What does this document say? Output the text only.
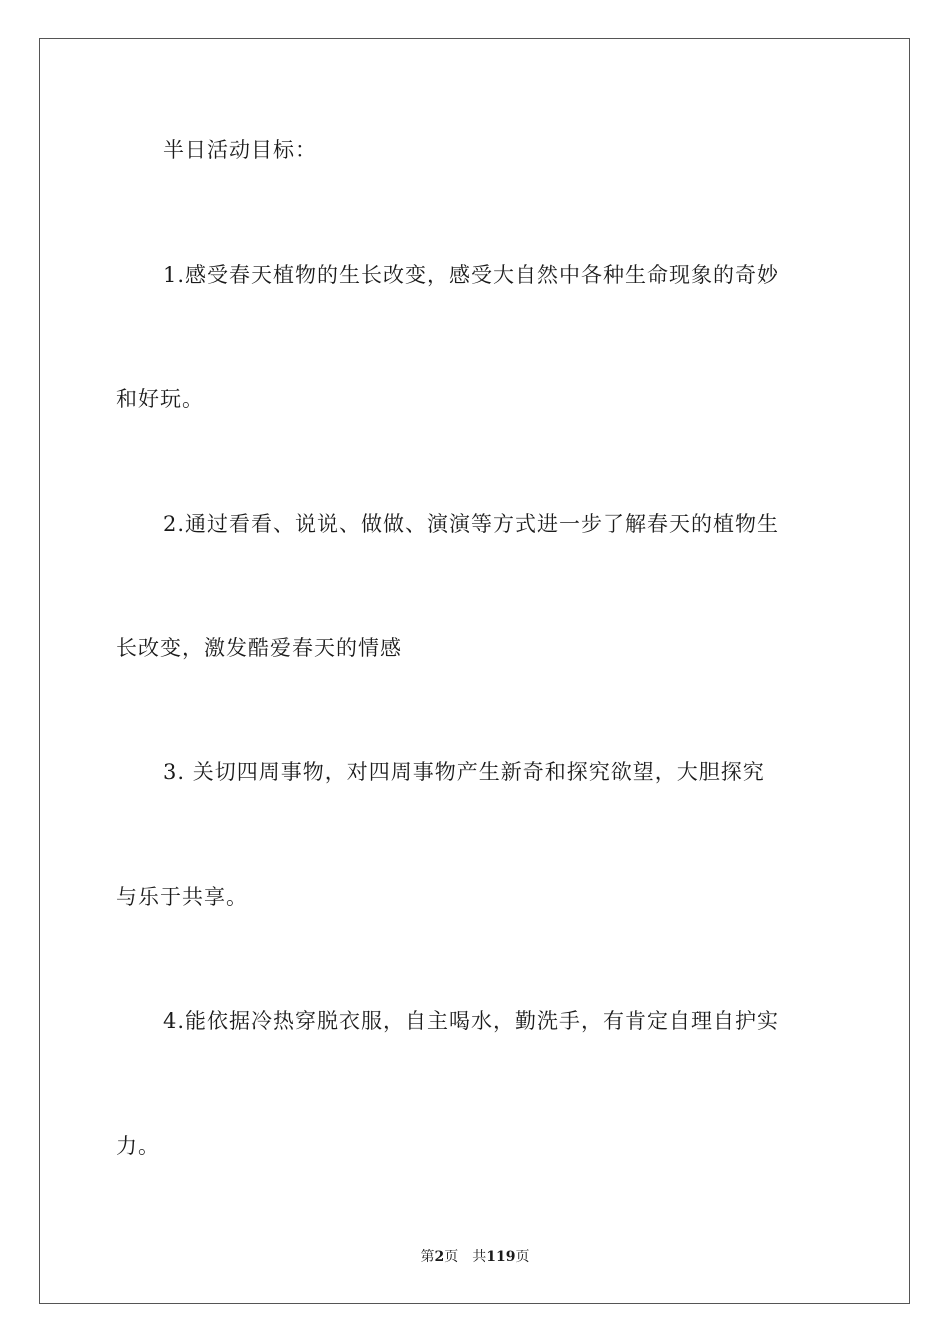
半日活动目标：
1.感受春天植物的生长改变，感受大自然中各种生命现象的奇妙
和好玩。
2.通过看看、说说、做做、演演等方式进一步了解春天的植物生
长改变，激发酷爱春天的情感
3. 关切四周事物，对四周事物产生新奇和探究欲望，大胆探究
与乐于共享。
4.能依据冷热穿脱衣服，自主喝水，勤洗手，有肯定自理自护实
力。
第2页 共119页
